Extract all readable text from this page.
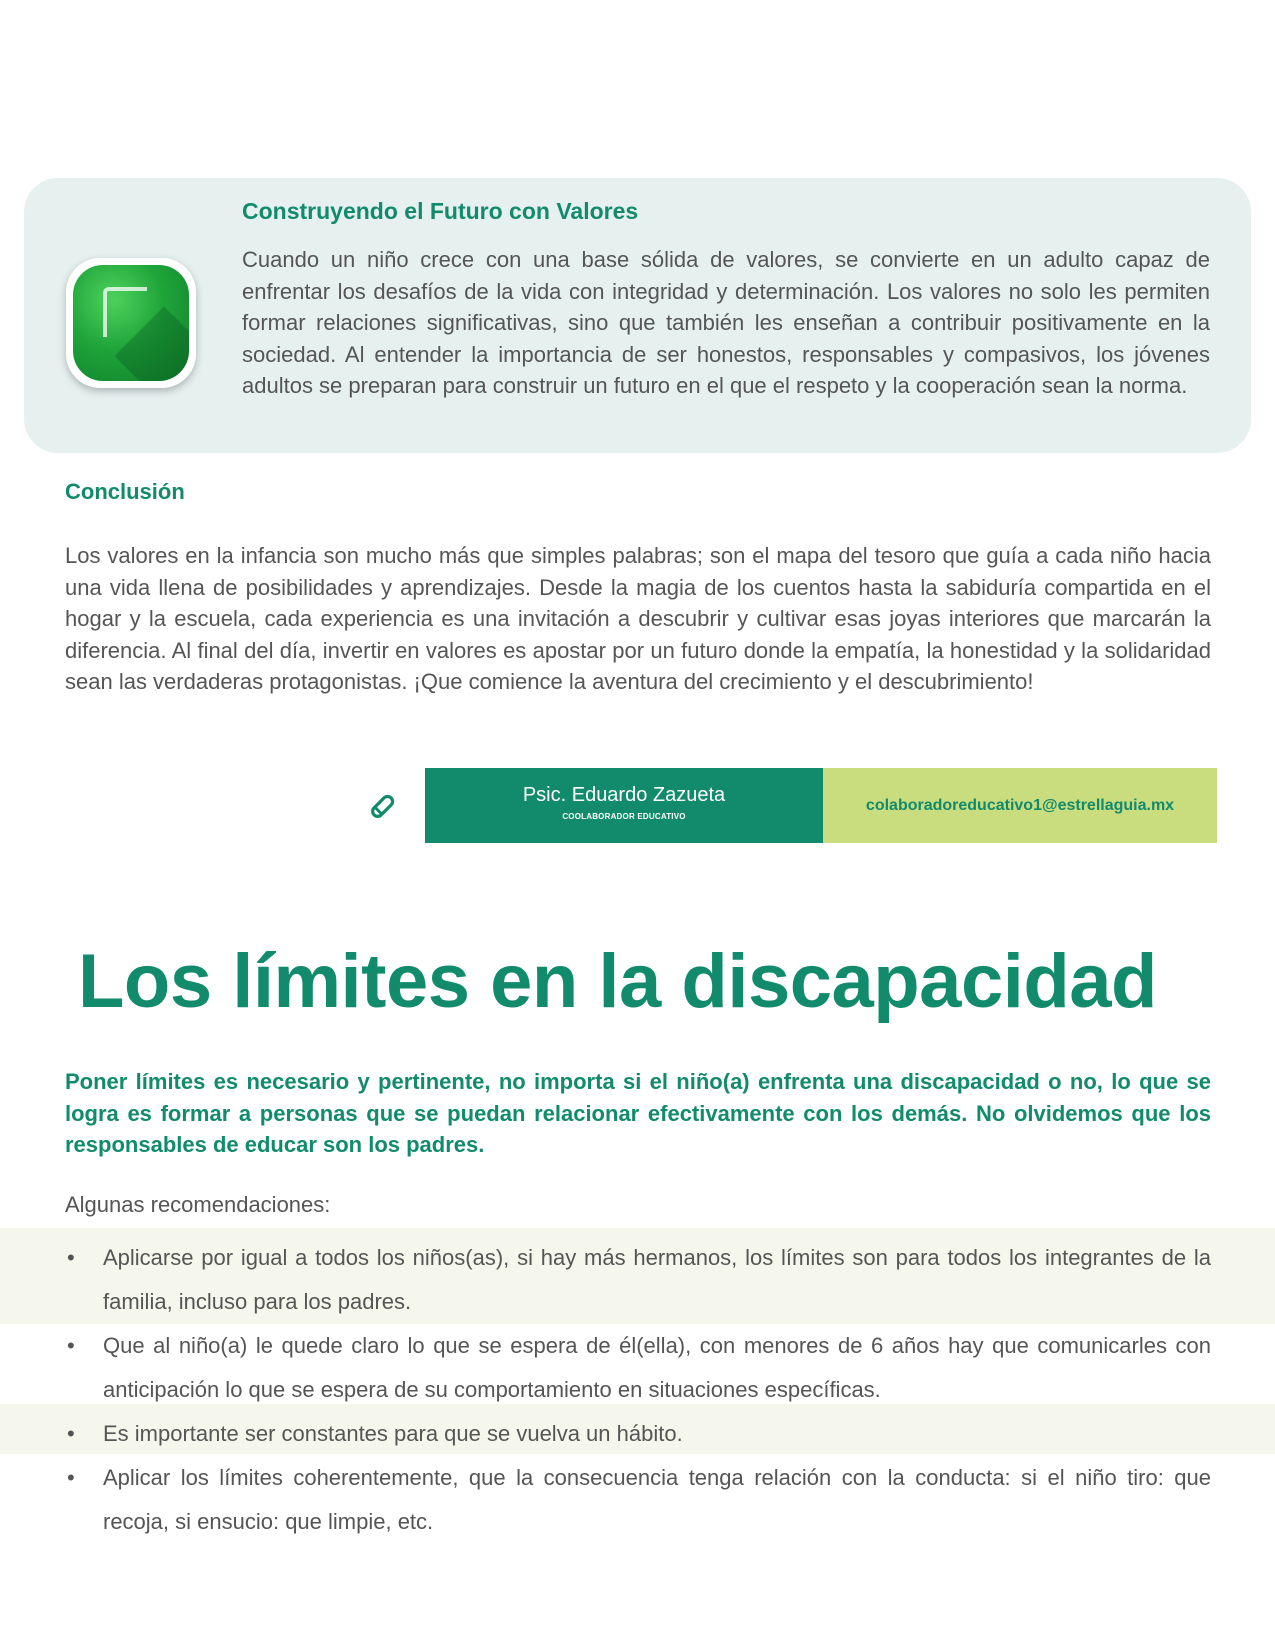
Construyendo el Futuro con Valores

Cuando un niño crece con una base sólida de valores, se convierte en un adulto capaz de enfrentar los desafíos de la vida con integridad y determinación. Los valores no solo les permiten formar relaciones significativas, sino que también les enseñan a contribuir positivamente en la sociedad. Al entender la importancia de ser honestos, responsables y compasivos, los jóvenes adultos se preparan para construir un futuro en el que el respeto y la cooperación sean la norma.

Conclusión

Los valores en la infancia son mucho más que simples palabras; son el mapa del tesoro que guía a cada niño hacia una vida llena de posibilidades y aprendizajes. Desde la magia de los cuentos hasta la sabiduría compartida en el hogar y la escuela, cada experiencia es una invitación a descubrir y cultivar esas joyas interiores que marcarán la diferencia. Al final del día, invertir en valores es apostar por un futuro donde la empatía, la honestidad y la solidaridad sean las verdaderas protagonistas. ¡Que comience la aventura del crecimiento y el descubrimiento!

Psic. Eduardo Zazueta
COOLABORADOR EDUCATIVO
colaboradoreducativo1@estrellaguia.mx
Los límites en la discapacidad

Poner límites es necesario y pertinente, no importa si el niño(a) enfrenta una discapacidad o no, lo que se logra es formar a personas que se puedan relacionar efectivamente con los demás. No olvidemos que los responsables de educar son los padres.

Algunas recomendaciones:

• Aplicarse por igual a todos los niños(as), si hay más hermanos, los límites son para todos los integrantes de la familia, incluso para los padres.
• Que al niño(a) le quede claro lo que se espera de él(ella), con menores de 6 años hay que comunicarles con anticipación lo que se espera de su comportamiento en situaciones específicas.
• Es importante ser constantes para que se vuelva un hábito.
• Aplicar los límites coherentemente, que la consecuencia tenga relación con la conducta: si el niño tiro: que recoja, si ensucio: que limpie, etc.
